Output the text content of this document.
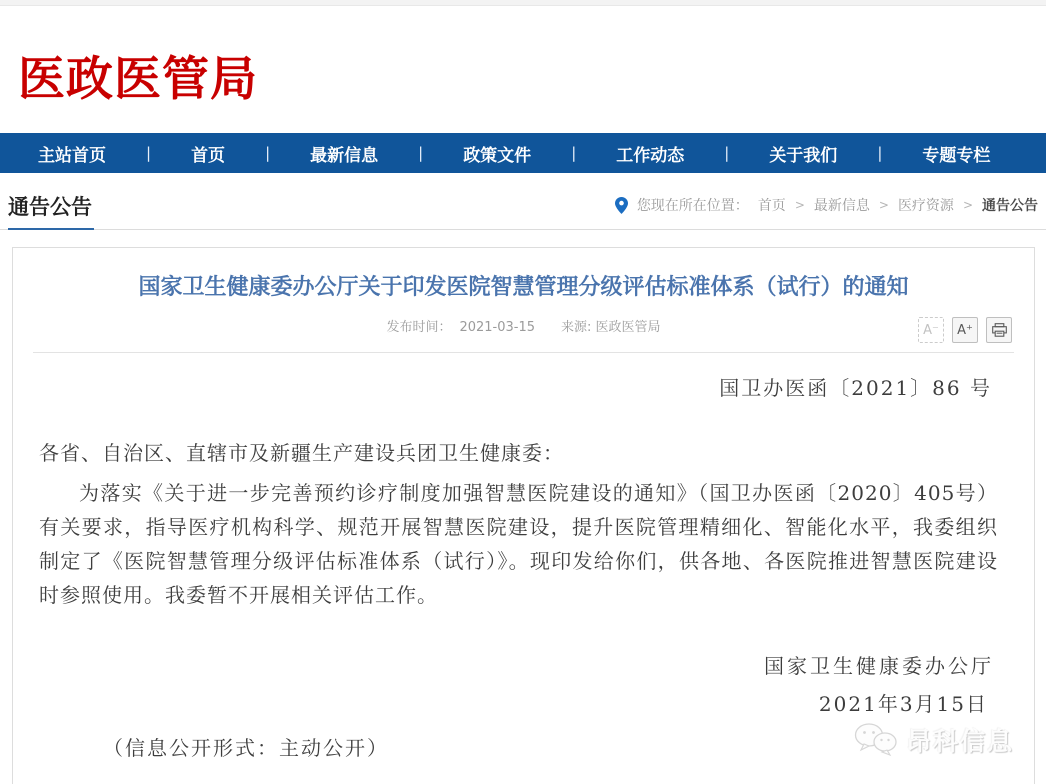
医政医管局
主站首页	| 首页	| 最新信息	| 政策文件	| 工作动态	| 关于我们	| 专题专栏
通告公告	您现在所在位置： 首页 > 最新信息 > 医疗资源 > 通告公告
国家卫生健康委办公厅关于印发医院智慧管理分级评估标准体系（试行）的通知
发布时间： 2021-03-15 来源: 医政医管局	A⁻	A⁺
国卫办医函〔2021〕86 号
各省、自治区、直辖市及新疆生产建设兵团卫生健康委：
为落实《关于进一步完善预约诊疗制度加强智慧医院建设的通知》（国卫办医函〔2020〕405号）有关要求，指导医疗机构科学、规范开展智慧医院建设，提升医院管理精细化、智能化水平，我委组织制定了《医院智慧管理分级评估标准体系（试行）》。现印发给你们，供各地、各医院推进智慧医院建设时参照使用。我委暂不开展相关评估工作。
国家卫生健康委办公厅
2021年3月15日
（信息公开形式：主动公开）	昂科信息
